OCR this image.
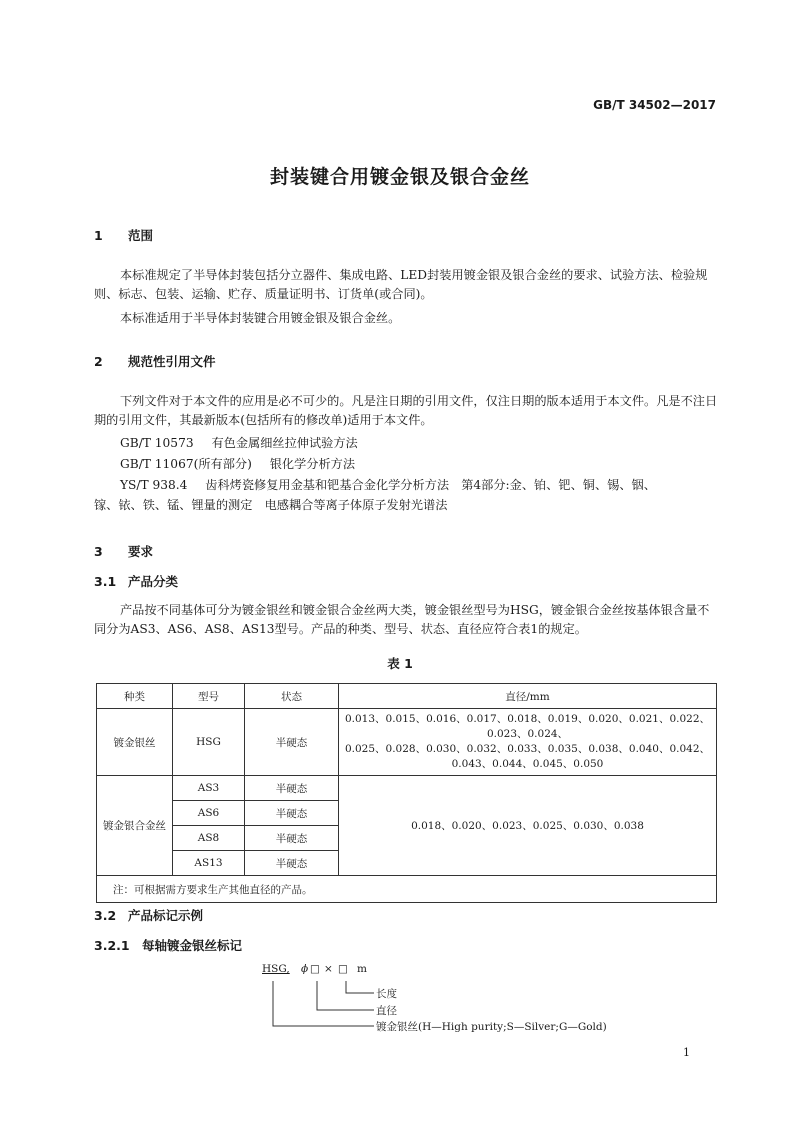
GB/T 34502—2017
封装键合用镀金银及银合金丝
1 范围
本标准规定了半导体封装包括分立器件、集成电路、LED封装用镀金银及银合金丝的要求、试验方法、检验规则、标志、包装、运输、贮存、质量证明书、订货单(或合同)。
本标准适用于半导体封装键合用镀金银及银合金丝。
2 规范性引用文件
下列文件对于本文件的应用是必不可少的。凡是注日期的引用文件，仅注日期的版本适用于本文件。凡是不注日期的引用文件，其最新版本(包括所有的修改单)适用于本文件。
GB/T 10573 有色金属细丝拉伸试验方法
GB/T 11067(所有部分) 银化学分析方法
YS/T 938.4 齿科烤瓷修复用金基和钯基合金化学分析方法　第4部分:金、铂、钯、铜、锡、铟、
镓、铱、铁、锰、锂量的测定　电感耦合等离子体原子发射光谱法
3 要求
3.1 产品分类
产品按不同基体可分为镀金银丝和镀金银合金丝两大类，镀金银丝型号为HSG，镀金银合金丝按基体银含量不同分为AS3、AS6、AS8、AS13型号。产品的种类、型号、状态、直径应符合表1的规定。
表 1
种类	型号	状态	直径/mm
镀金银丝	HSG	半硬态	0.013、0.015、0.016、0.017、0.018、0.019、0.020、0.021、0.022、0.023、0.024、
0.025、0.028、0.030、0.032、0.033、0.035、0.038、0.040、0.042、
0.043、0.044、0.045、0.050

镀金银合金丝	AS3	半硬态	0.018、0.020、0.023、0.025、0.030、0.038
	AS6	半硬态	
	AS8	半硬态	
	AS13	半硬态	
注：可根据需方要求生产其他直径的产品。			
3.2 产品标记示例
3.2.1 每轴镀金银丝标记
HSG, ϕ □ × □ m
长度
直径
镀金银丝(H—High purity;S—Silver;G—Gold)
1
